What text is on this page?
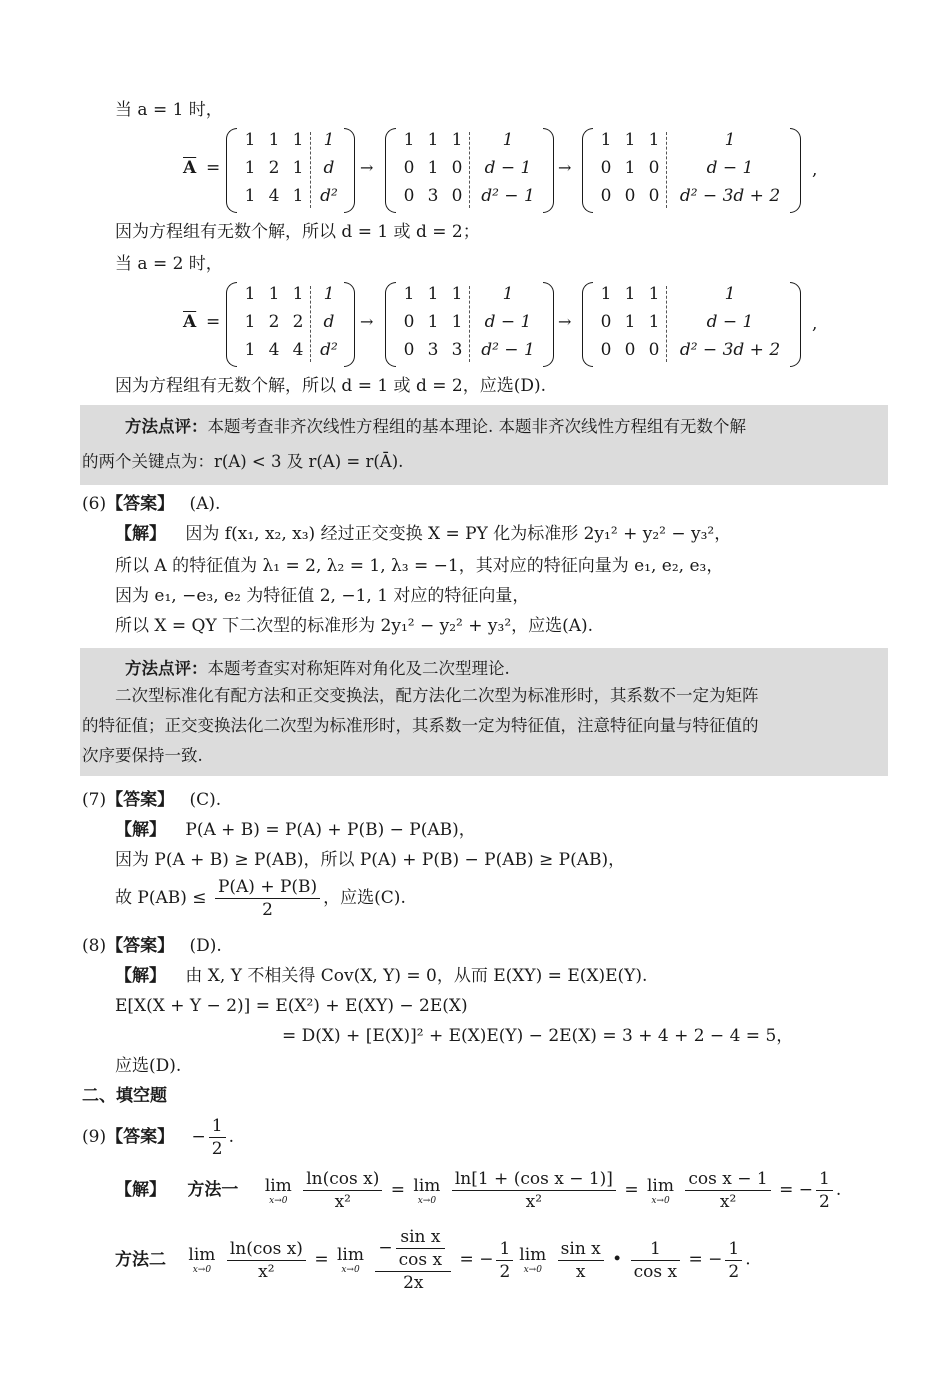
当 a = 1 时，
$\overline{A}$ =
1 1 1	1
1 2 1	d
1 4 1 d²
→
1 1 1	1
0 1 0	d − 1
0 3 0	d² − 1
→
1 1 1	1
0 1 0	d − 1
0 0 0	d² − 3d + 2
,
因为方程组有无数个解，所以 d = 1 或 d = 2；
当 a = 2 时，
$\overline{A}$ =
1 1 1	1
1 2 2	d
1 4 4 d²
→
1 1 1	1
0 1 1	d − 1
0 3 3	d² − 1
→
1 1 1	1
0 1 1	d − 1
0 0 0	d² − 3d + 2
,
因为方程组有无数个解，所以 d = 1 或 d = 2，应选(D).
方法点评：本题考查非齐次线性方程组的基本理论. 本题非齐次线性方程组有无数个解
的两个关键点为：r(A) < 3 及 r(A) = r(Ā).
(6)【答案】 (A).
【解】 因为 f(x₁, x₂, x₃) 经过正交变换 X = PY 化为标准形 2y₁² + y₂² − y₃²，
所以 A 的特征值为 λ₁ = 2, λ₂ = 1, λ₃ = −1，其对应的特征向量为 e₁, e₂, e₃，
因为 e₁, −e₃, e₂ 为特征值 2, −1, 1 对应的特征向量，
所以 X = QY 下二次型的标准形为 2y₁² − y₂² + y₃²，应选(A).
方法点评：本题考查实对称矩阵对角化及二次型理论.
二次型标准化有配方法和正交变换法，配方法化二次型为标准形时，其系数不一定为矩阵
的特征值；正交变换法化二次型为标准形时，其系数一定为特征值，注意特征向量与特征值的
次序要保持一致.
(7)【答案】 (C).
【解】 P(A + B) = P(A) + P(B) − P(AB)，
因为 P(A + B) ≥ P(AB)，所以 P(A) + P(B) − P(AB) ≥ P(AB)，
故 $P(AB) \le \frac{P(A) + P(B)}{2}$ ，应选(C).
(8)【答案】 (D).
【解】 由 X, Y 不相关得 Cov(X, Y) = 0，从而 E(XY) = E(X)E(Y).
E[X(X + Y − 2)] = E(X²) + E(XY) − 2E(X)
= D(X) + [E(X)]² + E(X)E(Y) − 2E(X) = 3 + 4 + 2 − 4 = 5，
应选(D).
二、填空题
(9)【答案】 − $\frac{1}{2}$ .
【解】 方法一 lim
x→0
$\frac{\text{ln(cos x)}}{\text{x²}} = \lim$
x→0
$\frac{\text{ln[1 + (cos x − 1)]}}{\text{x²}} = \lim$
x→0
$\frac{\text{cos x − 1}}{\text{x²}}$ = − $\frac{1}{2}$ .
方法二 lim
x→0
$\frac{\text{ln(cos x)}}{\text{x²}} = \lim$
x→0
$\frac{- \frac{\text{sin x}}{\text{cos x}}}{2x}$ = − $\frac{1}{2}$ lim
x→0
$\frac{\text{sin x}}{x}$ • $\frac{1}{\text{cos x}}$ = − $\frac{1}{2}$ .
